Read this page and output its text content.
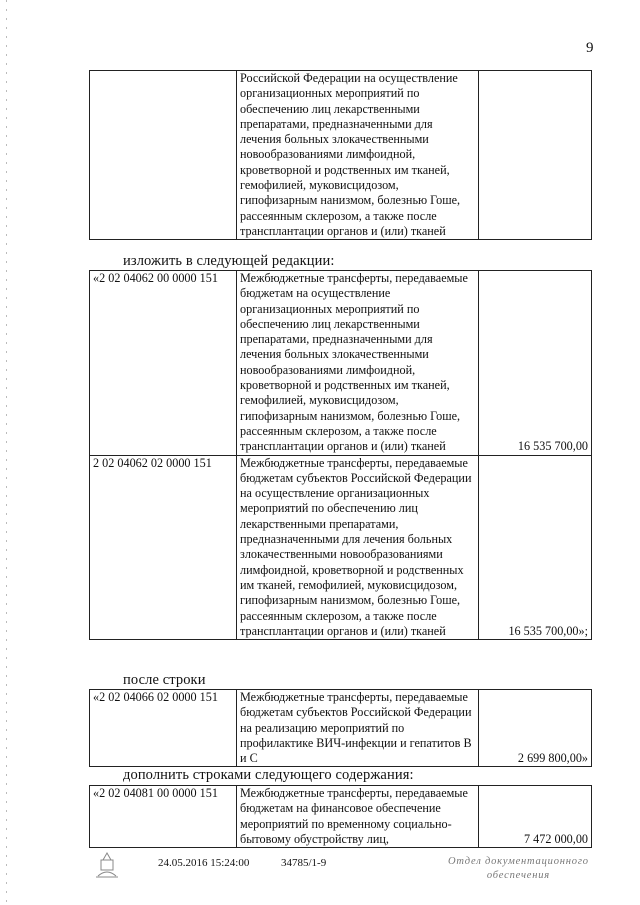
9
	Российской Федерации на осуществление организационных мероприятий по обеспечению лиц лекарственными препаратами, предназначенными для лечения больных злокачественными новообразованиями лимфоидной, кроветворной и родственных им тканей, гемофилией, муковисцидозом, гипофизарным нанизмом, болезнью Гоше, рассеянным склерозом, а также после трансплантации органов и (или) тканей	
изложить в следующей редакции:
«2 02 04062 00 0000 151	Межбюджетные трансферты, передаваемые бюджетам на осуществление организационных мероприятий по обеспечению лиц лекарственными препаратами, предназначенными для лечения больных злокачественными новообразованиями лимфоидной, кроветворной и родственных им тканей, гемофилией, муковисцидозом, гипофизарным нанизмом, болезнью Гоше, рассеянным склерозом, а также после трансплантации органов и (или) тканей	16 535 700,00
2 02 04062 02 0000 151	Межбюджетные трансферты, передаваемые бюджетам субъектов Российской Федерации на осуществление организационных мероприятий по обеспечению лиц лекарственными препаратами, предназначенными для лечения больных злокачественными новообразованиями лимфоидной, кроветворной и родственных им тканей, гемофилией, муковисцидозом, гипофизарным нанизмом, болезнью Гоше, рассеянным склерозом, а также после трансплантации органов и (или) тканей	16 535 700,00»;
после строки
«2 02 04066 02 0000 151	Межбюджетные трансферты, передаваемые бюджетам субъектов Российской Федерации на реализацию мероприятий по профилактике ВИЧ-инфекции и гепатитов В и С	2 699 800,00»
дополнить строками следующего содержания:
«2 02 04081 00 0000 151	Межбюджетные трансферты, передаваемые бюджетам на финансовое обеспечение мероприятий по временному социально-бытовому обустройству лиц,	7 472 000,00
24.05.2016 15:24:00	34785/1-9	Отдел документационного
обеспечения
